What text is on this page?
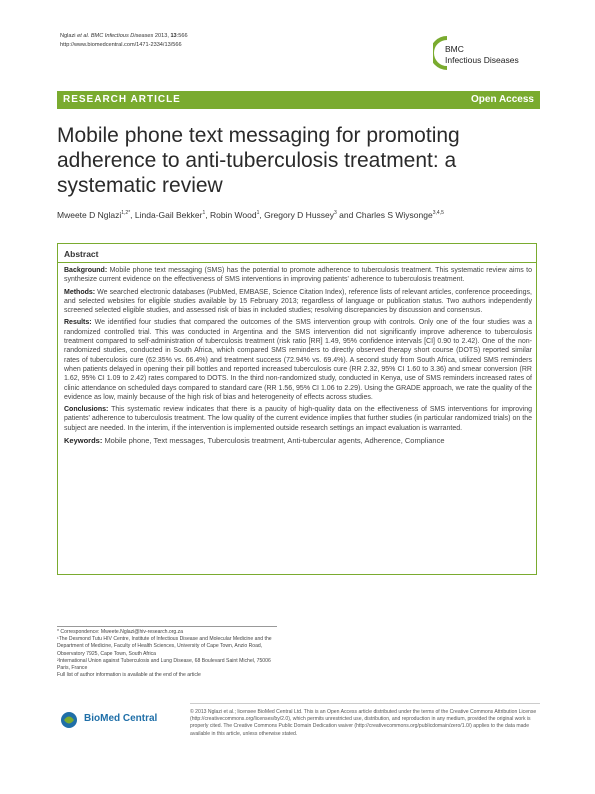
Nglazi et al. BMC Infectious Diseases 2013, 13:566
http://www.biomedcentral.com/1471-2334/13/566	BMC
Infectious Diseases
RESEARCH ARTICLE	Open Access
Mobile phone text messaging for promoting adherence to anti-tuberculosis treatment: a systematic review
Mweete D Nglazi$^{1,2*}$, Linda-Gail Bekker$^1$, Robin Wood$^1$, Gregory D Hussey$^3$ and Charles S Wiysonge$^{3,4,5}$
Abstract

Background: Mobile phone text messaging (SMS) has the potential to promote adherence to tuberculosis treatment. This systematic review aims to synthesize current evidence on the effectiveness of SMS interventions in improving patients' adherence to tuberculosis treatment.

Methods: We searched electronic databases (PubMed, EMBASE, Science Citation Index), reference lists of relevant articles, conference proceedings, and selected websites for eligible studies available by 15 February 2013; regardless of language or publication status. Two authors independently screened selected eligible studies, and assessed risk of bias in included studies; resolving discrepancies by discussion and consensus.

Results: We identified four studies that compared the outcomes of the SMS intervention group with controls. Only one of the four studies was a randomized controlled trial. This was conducted in Argentina and the SMS intervention did not significantly improve adherence to tuberculosis treatment compared to self-administration of tuberculosis treatment (risk ratio [RR] 1.49, 95% confidence intervals [CI] 0.90 to 2.42). One of the non-randomized studies, conducted in South Africa, which compared SMS reminders to directly observed therapy short course (DOTS) reported similar rates of tuberculosis cure (62.35% vs. 66.4%) and treatment success (72.94% vs. 69.4%). A second study from South Africa, utilized SMS reminders when patients delayed in opening their pill bottles and reported increased tuberculosis cure (RR 2.32, 95% CI 1.60 to 3.36) and smear conversion (RR 1.62, 95% CI 1.09 to 2.42) rates compared to DOTS. In the third non-randomized study, conducted in Kenya, use of SMS reminders increased rates of clinic attendance on scheduled days compared to standard care (RR 1.56, 95% CI 1.06 to 2.29). Using the GRADE approach, we rate the quality of the evidence as low, mainly because of the high risk of bias and heterogeneity of effects across studies.

Conclusions: This systematic review indicates that there is a paucity of high-quality data on the effectiveness of SMS interventions for improving patients' adherence to tuberculosis treatment. The low quality of the current evidence implies that further studies (in particular randomized trials) on the subject are needed. In the interim, if the intervention is implemented outside research settings an impact evaluation is warranted.

Keywords: Mobile phone, Text messages, Tuberculosis treatment, Anti-tubercular agents, Adherence, Compliance

* Correspondence: Mweete.Nglazi@hiv-research.org.za

¹The Desmond Tutu HIV Centre, Institute of Infectious Disease and Molecular Medicine and the Department of Medicine, Faculty of Health Sciences, University of Cape Town, Anzio Road, Observatory 7925, Cape Town, South Africa

²International Union against Tuberculosis and Lung Disease, 68 Boulevard Saint Michel, 75006 Paris, France

Full list of author information is available at the end of the article

BioMed Central
© 2013 Nglazi et al.; licensee BioMed Central Ltd. This is an Open Access article distributed under the terms of the Creative Commons Attribution License (http://creativecommons.org/licenses/by/2.0), which permits unrestricted use, distribution, and reproduction in any medium, provided the original work is properly cited. The Creative Commons Public Domain Dedication waiver (http://creativecommons.org/publicdomain/zero/1.0/) applies to the data made available in this article, unless otherwise stated.
